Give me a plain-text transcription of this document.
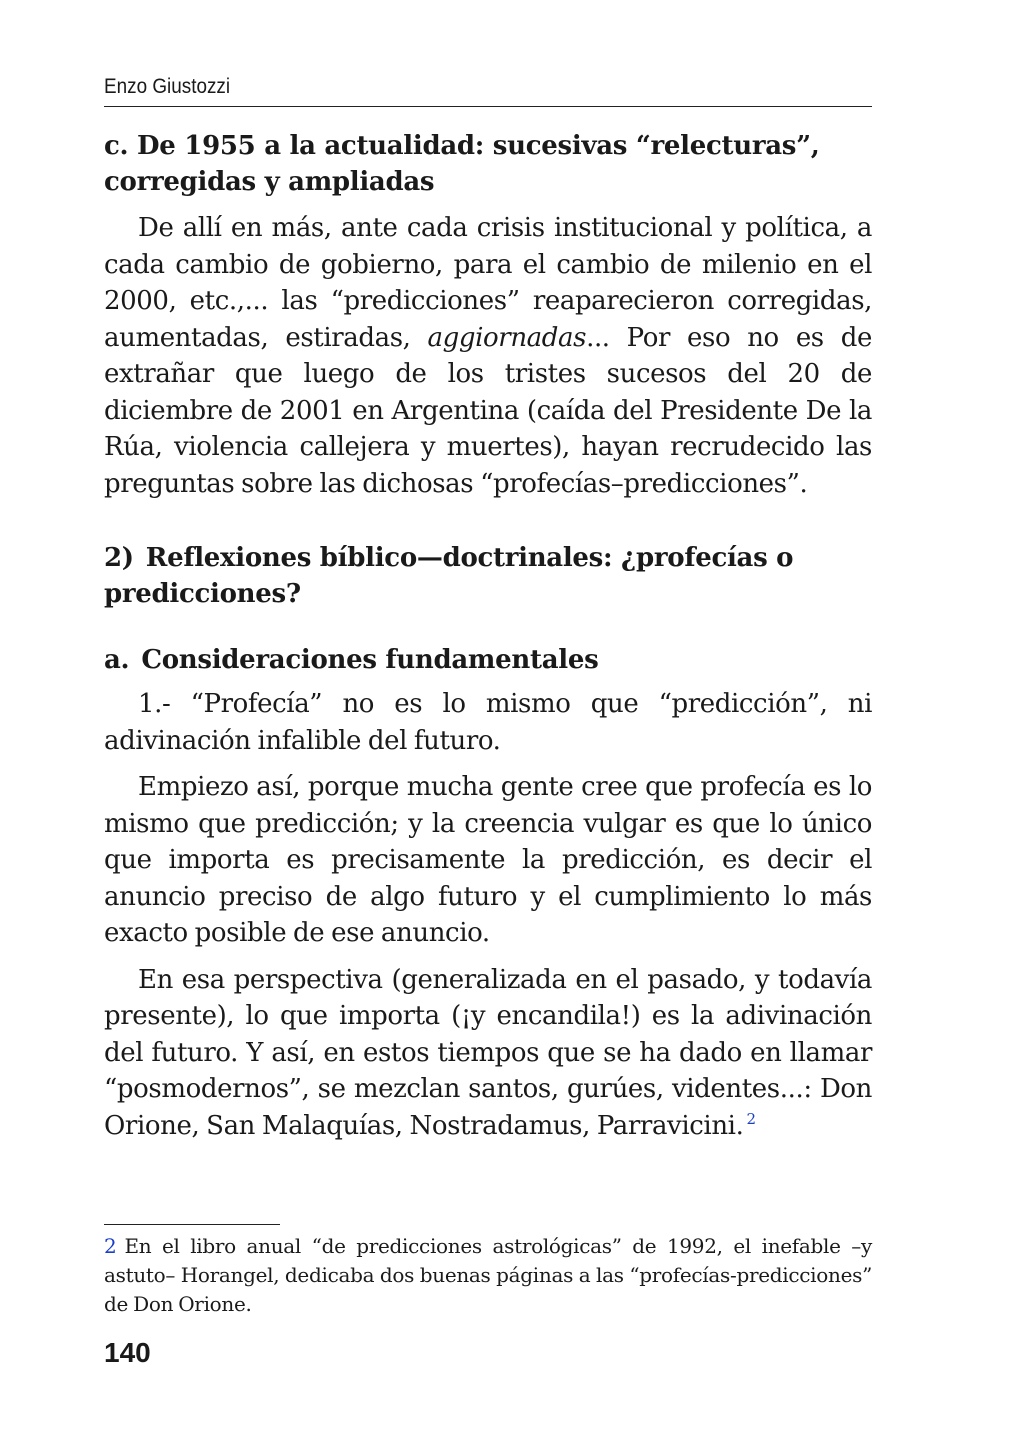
Enzo Giustozzi
c. De 1955 a la actualidad: sucesivas “relecturas”, corregidas y ampliadas

De allí en más, ante cada crisis institucional y política, a cada cambio de gobierno, para el cambio de milenio en el 2000, etc.,... las “predicciones” reaparecieron corregidas, aumentadas, estiradas, aggiornadas... Por eso no es de extrañar que luego de los tristes sucesos del 20 de diciembre de 2001 en Argentina (caída del Presidente De la Rúa, violencia callejera y muertes), hayan recrudecido las preguntas sobre las dichosas “profecías–predicciones”.

2) Reflexiones bíblico—doctrinales: ¿profecías o predicciones?
a. Consideraciones fundamentales

1.- “Profecía” no es lo mismo que “predicción”, ni adivinación infalible del futuro.

Empiezo así, porque mucha gente cree que profecía es lo mismo que predicción; y la creencia vulgar es que lo único que importa es precisamente la predicción, es decir el anuncio preciso de algo futuro y el cumplimiento lo más exacto posible de ese anuncio.

En esa perspectiva (generalizada en el pasado, y todavía presente), lo que importa (¡y encandila!) es la adivinación del futuro. Y así, en estos tiempos que se ha dado en llamar “posmodernos”, se mezclan santos, gurúes, videntes...: Don Orione, San Malaquías, Nostradamus, Parravicini. $^2$

2 En el libro anual “de predicciones astrológicas” de 1992, el inefable –y astuto– Horangel, dedicaba dos buenas páginas a las “profecías-predicciones” de Don Orione.

140
